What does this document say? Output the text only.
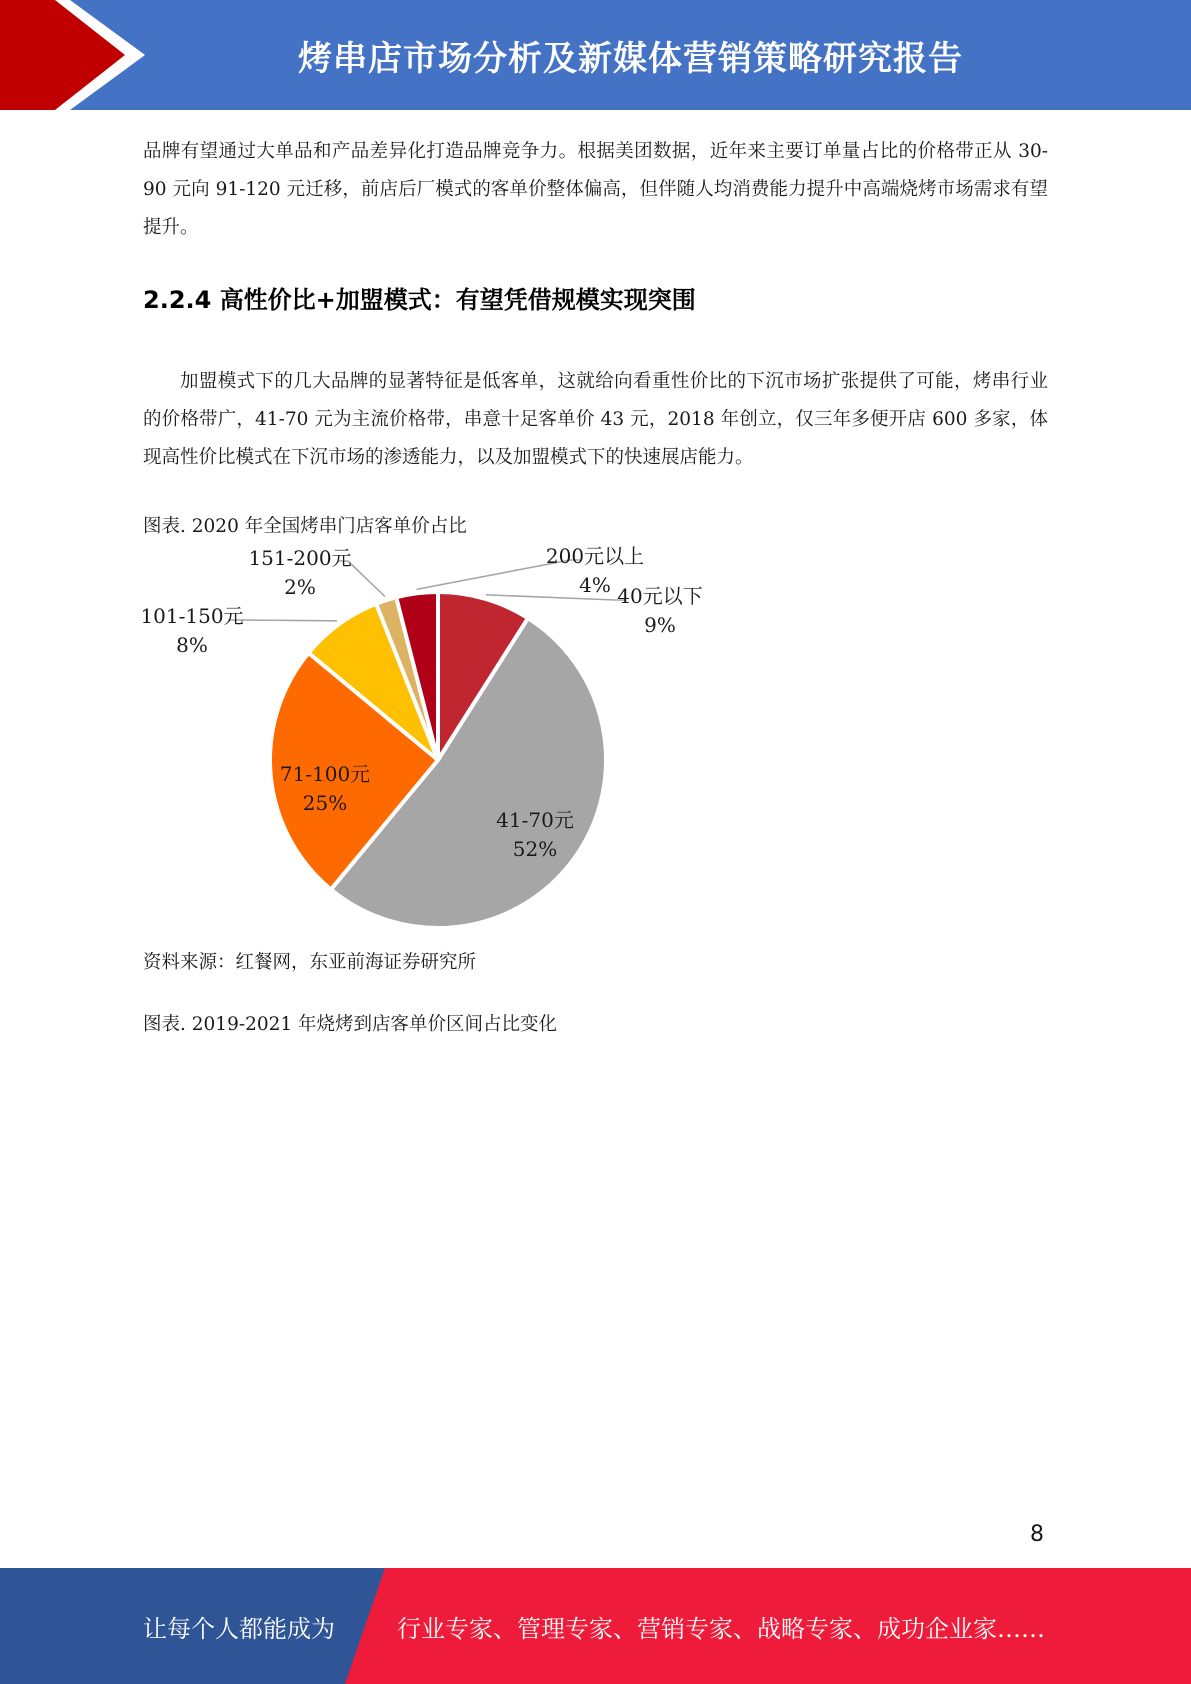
烤串店市场分析及新媒体营销策略研究报告

品牌有望通过大单品和产品差异化打造品牌竞争力。根据美团数据，近年来主要订单量占比的价格带正从 30-90 元向 91-120 元迁移，前店后厂模式的客单价整体偏高，但伴随人均消费能力提升中高端烧烤市场需求有望提升。

2.2.4 高性价比+加盟模式：有望凭借规模实现突围

加盟模式下的几大品牌的显著特征是低客单，这就给向看重性价比的下沉市场扩张提供了可能，烤串行业的价格带广，41-70 元为主流价格带，串意十足客单价 43 元，2018 年创立，仅三年多便开店 600 多家，体现高性价比模式在下沉市场的渗透能力，以及加盟模式下的快速展店能力。

图表. 2020 年全国烤串门店客单价占比
40元以下
9%
41-70元
52%
71-100元
25%
101-150元
8%
151-200元
2%
200元以上
4%
资料来源：红餐网，东亚前海证券研究所
图表. 2019-2021 年烧烤到店客单价区间占比变化
8
让每个人都能成为	行业专家、管理专家、营销专家、战略专家、成功企业家……
